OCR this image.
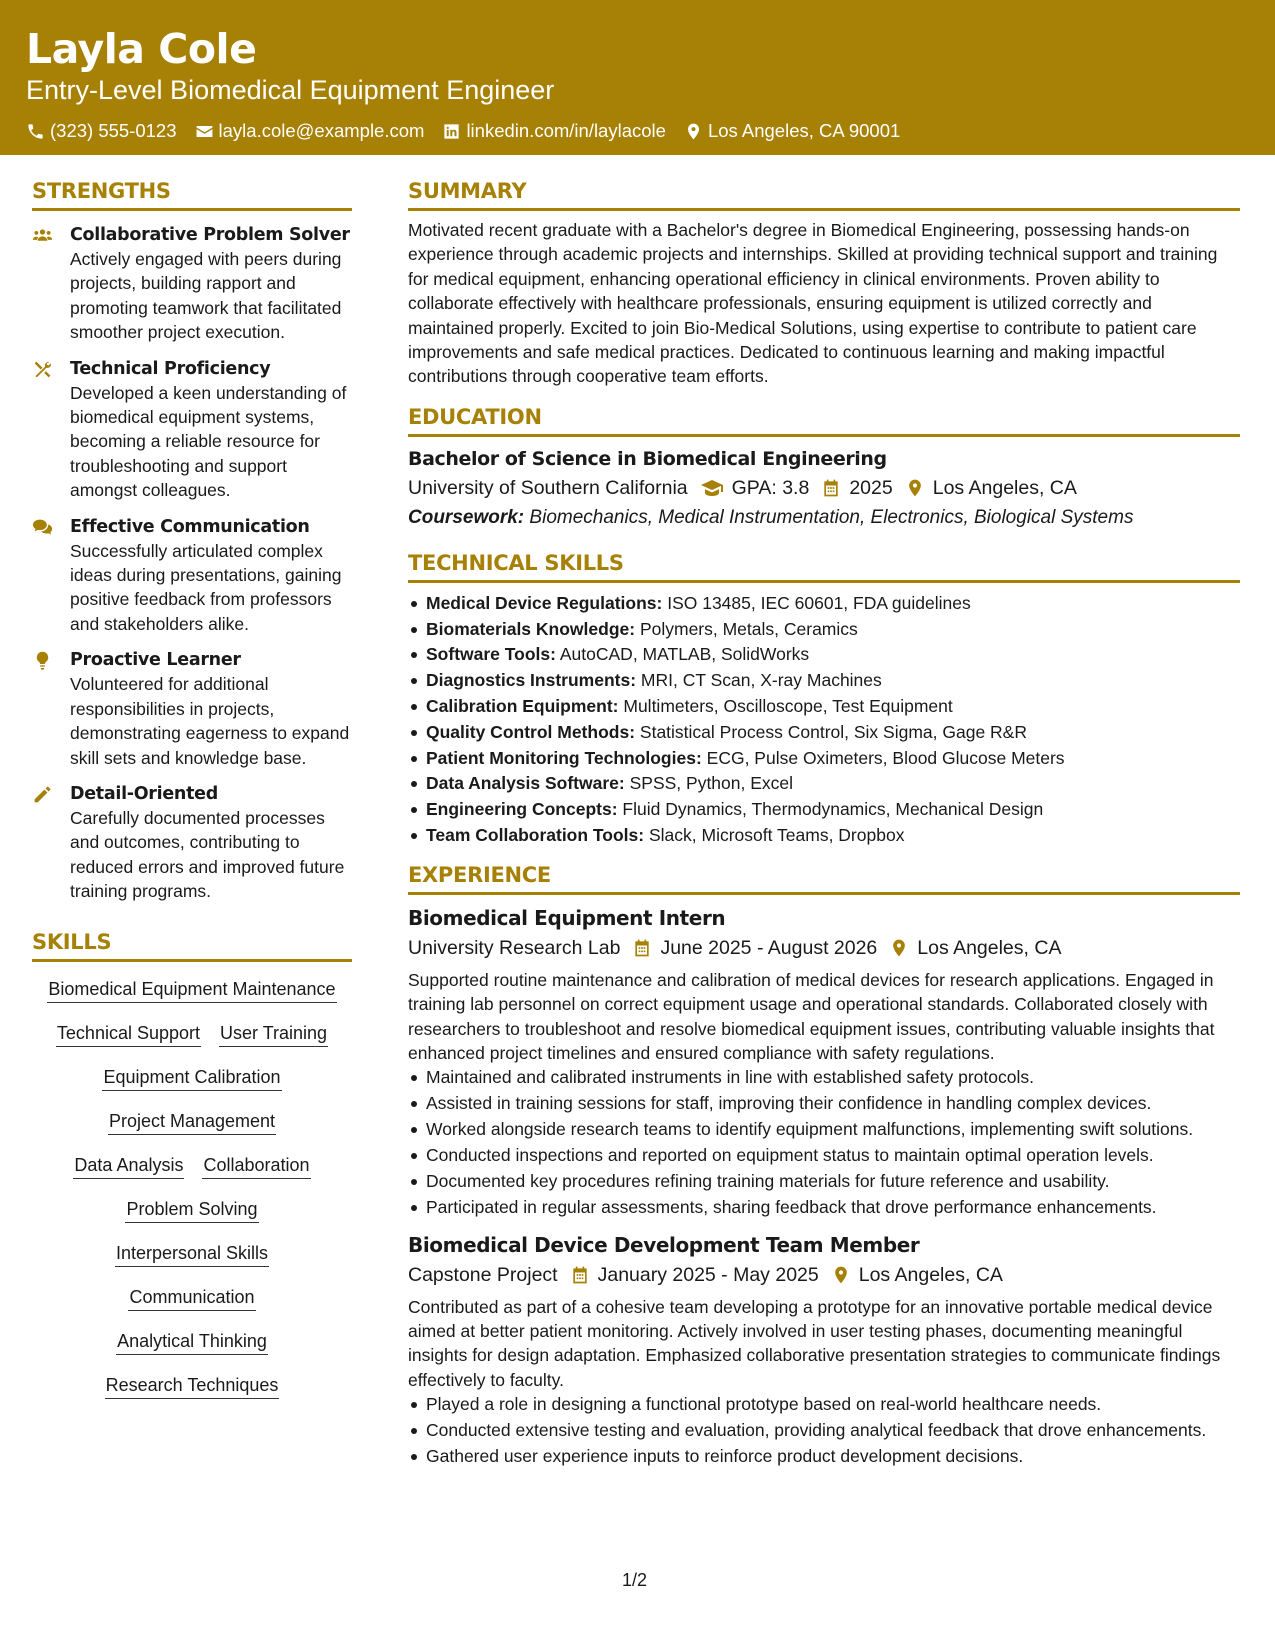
Layla Cole
Entry-Level Biomedical Equipment Engineer
(323) 555-0123 layla.cole@example.com linkedin.com/in/laylacole Los Angeles, CA 90001
STRENGTHS
Collaborative Problem Solver
Actively engaged with peers during projects, building rapport and promoting teamwork that facilitated smoother project execution.
Technical Proficiency
Developed a keen understanding of biomedical equipment systems, becoming a reliable resource for troubleshooting and support amongst colleagues.
Effective Communication
Successfully articulated complex ideas during presentations, gaining positive feedback from professors and stakeholders alike.
Proactive Learner
Volunteered for additional responsibilities in projects, demonstrating eagerness to expand skill sets and knowledge base.
Detail-Oriented
Carefully documented processes and outcomes, contributing to reduced errors and improved future training programs.
SKILLS
Biomedical Equipment Maintenance
Technical Support User Training
Equipment Calibration
Project Management
Data Analysis Collaboration
Problem Solving
Interpersonal Skills
Communication
Analytical Thinking
Research Techniques
SUMMARY
Motivated recent graduate with a Bachelor's degree in Biomedical Engineering, possessing hands-on experience through academic projects and internships. Skilled at providing technical support and training for medical equipment, enhancing operational efficiency in clinical environments. Proven ability to collaborate effectively with healthcare professionals, ensuring equipment is utilized correctly and maintained properly. Excited to join Bio-Medical Solutions, using expertise to contribute to patient care improvements and safe medical practices. Dedicated to continuous learning and making impactful contributions through cooperative team efforts.
EDUCATION
Bachelor of Science in Biomedical Engineering
University of Southern California GPA: 3.8 2025 Los Angeles, CA
Coursework: Biomechanics, Medical Instrumentation, Electronics, Biological Systems
TECHNICAL SKILLS
Medical Device Regulations: ISO 13485, IEC 60601, FDA guidelines
Biomaterials Knowledge: Polymers, Metals, Ceramics
Software Tools: AutoCAD, MATLAB, SolidWorks
Diagnostics Instruments: MRI, CT Scan, X-ray Machines
Calibration Equipment: Multimeters, Oscilloscope, Test Equipment
Quality Control Methods: Statistical Process Control, Six Sigma, Gage R&R
Patient Monitoring Technologies: ECG, Pulse Oximeters, Blood Glucose Meters
Data Analysis Software: SPSS, Python, Excel
Engineering Concepts: Fluid Dynamics, Thermodynamics, Mechanical Design
Team Collaboration Tools: Slack, Microsoft Teams, Dropbox
EXPERIENCE
Biomedical Equipment Intern
University Research Lab June 2025 - August 2026 Los Angeles, CA
Supported routine maintenance and calibration of medical devices for research applications. Engaged in training lab personnel on correct equipment usage and operational standards. Collaborated closely with researchers to troubleshoot and resolve biomedical equipment issues, contributing valuable insights that enhanced project timelines and ensured compliance with safety regulations.
Maintained and calibrated instruments in line with established safety protocols.
Assisted in training sessions for staff, improving their confidence in handling complex devices.
Worked alongside research teams to identify equipment malfunctions, implementing swift solutions.
Conducted inspections and reported on equipment status to maintain optimal operation levels.
Documented key procedures refining training materials for future reference and usability.
Participated in regular assessments, sharing feedback that drove performance enhancements.
Biomedical Device Development Team Member
Capstone Project January 2025 - May 2025 Los Angeles, CA
Contributed as part of a cohesive team developing a prototype for an innovative portable medical device aimed at better patient monitoring. Actively involved in user testing phases, documenting meaningful insights for design adaptation. Emphasized collaborative presentation strategies to communicate findings effectively to faculty.
Played a role in designing a functional prototype based on real-world healthcare needs.
Conducted extensive testing and evaluation, providing analytical feedback that drove enhancements.
Gathered user experience inputs to reinforce product development decisions.
1/2
